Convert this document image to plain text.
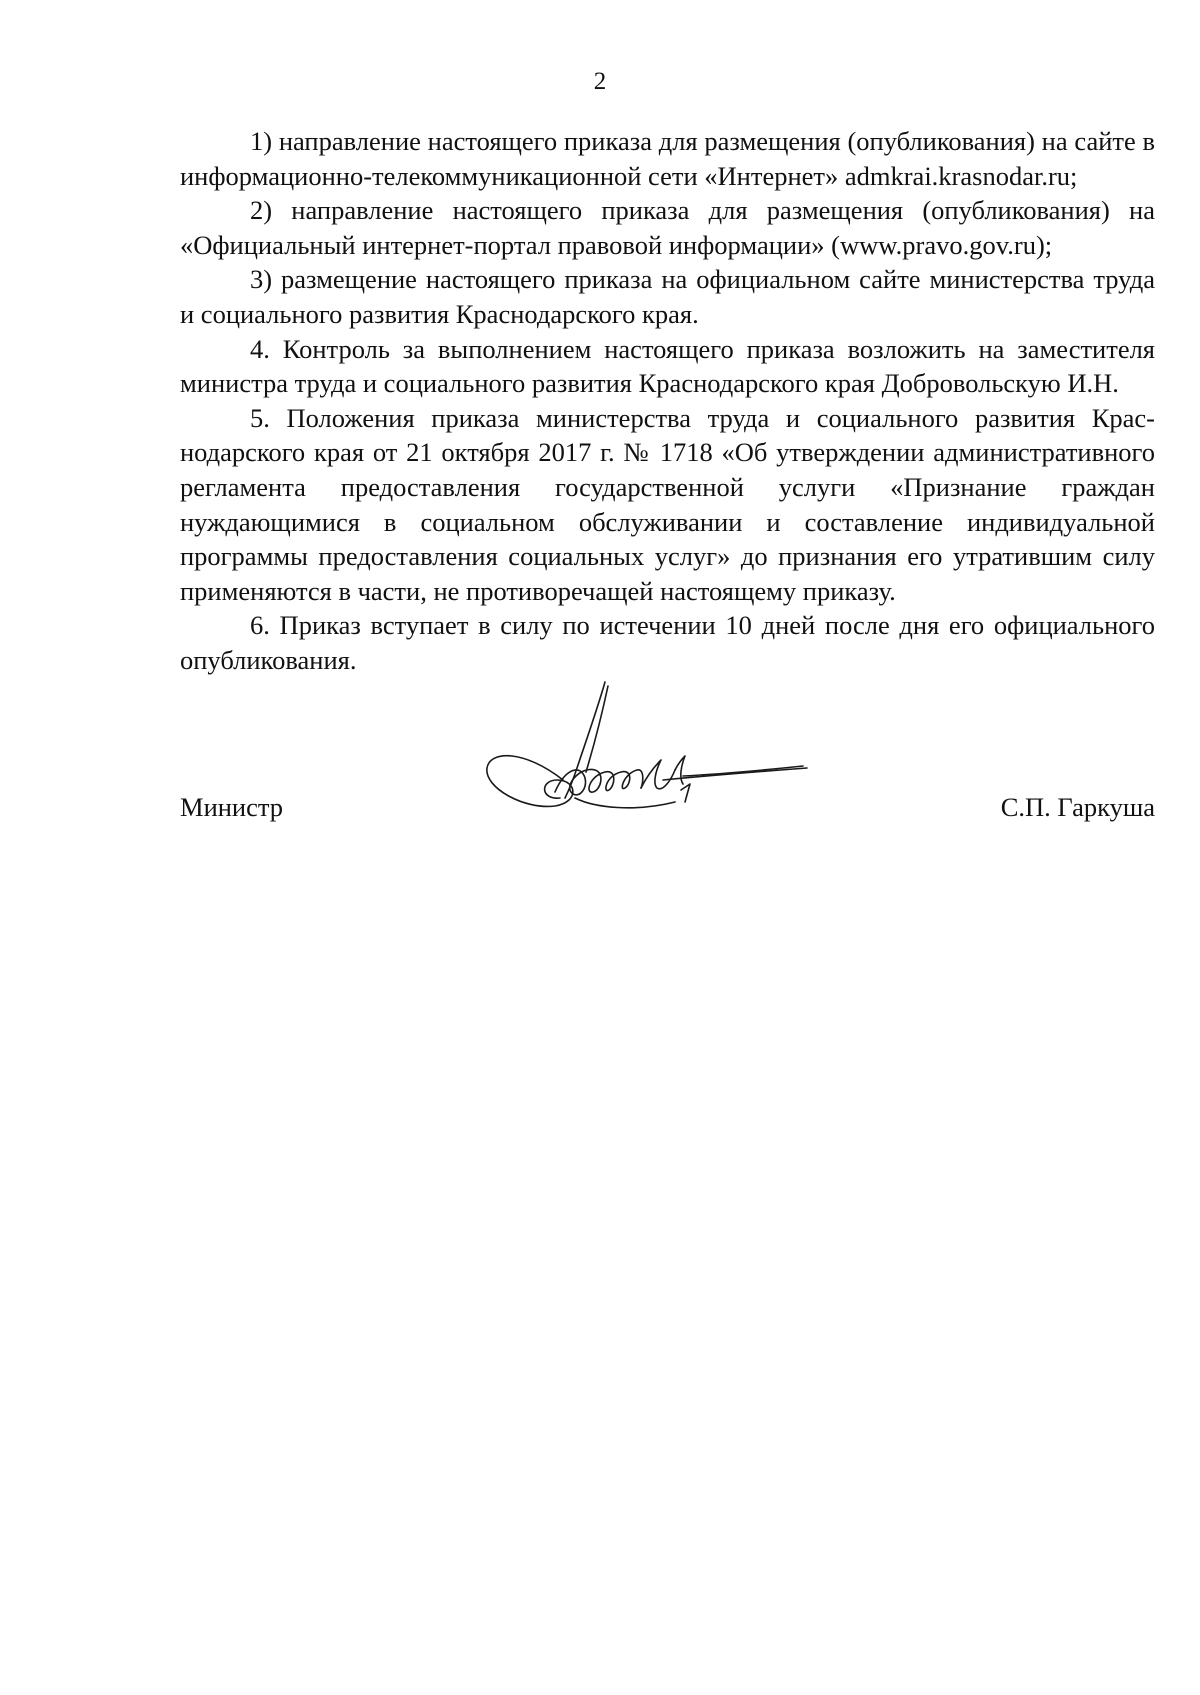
2

1) направление настоящего приказа для размещения (опубликования) на сайте в информационно-телекоммуникационной сети «Интернет» admkrai.krasnodar.ru;

2) направление настоящего приказа для размещения (опубликования) на «Официальный интернет-портал правовой информации» (www.pravo.gov.ru);

3) размещение настоящего приказа на официальном сайте министерства труда и социального развития Краснодарского края.

4. Контроль за выполнением настоящего приказа возложить на заместителя министра труда и социального развития Краснодарского края Добровольскую И.Н.

5. Положения приказа министерства труда и социального развития Краснодарского края от 21 октября 2017 г. № 1718 «Об утверждении административного регламента предоставления государственной услуги «Признание граждан нуждающимися в социальном обслуживании и составление индивидуальной программы предоставления социальных услуг» до признания его утратившим силу применяются в части, не противоречащей настоящему приказу.

6. Приказ вступает в силу по истечении 10 дней после дня его официального опубликования.

Министр	С.П. Гаркуша
